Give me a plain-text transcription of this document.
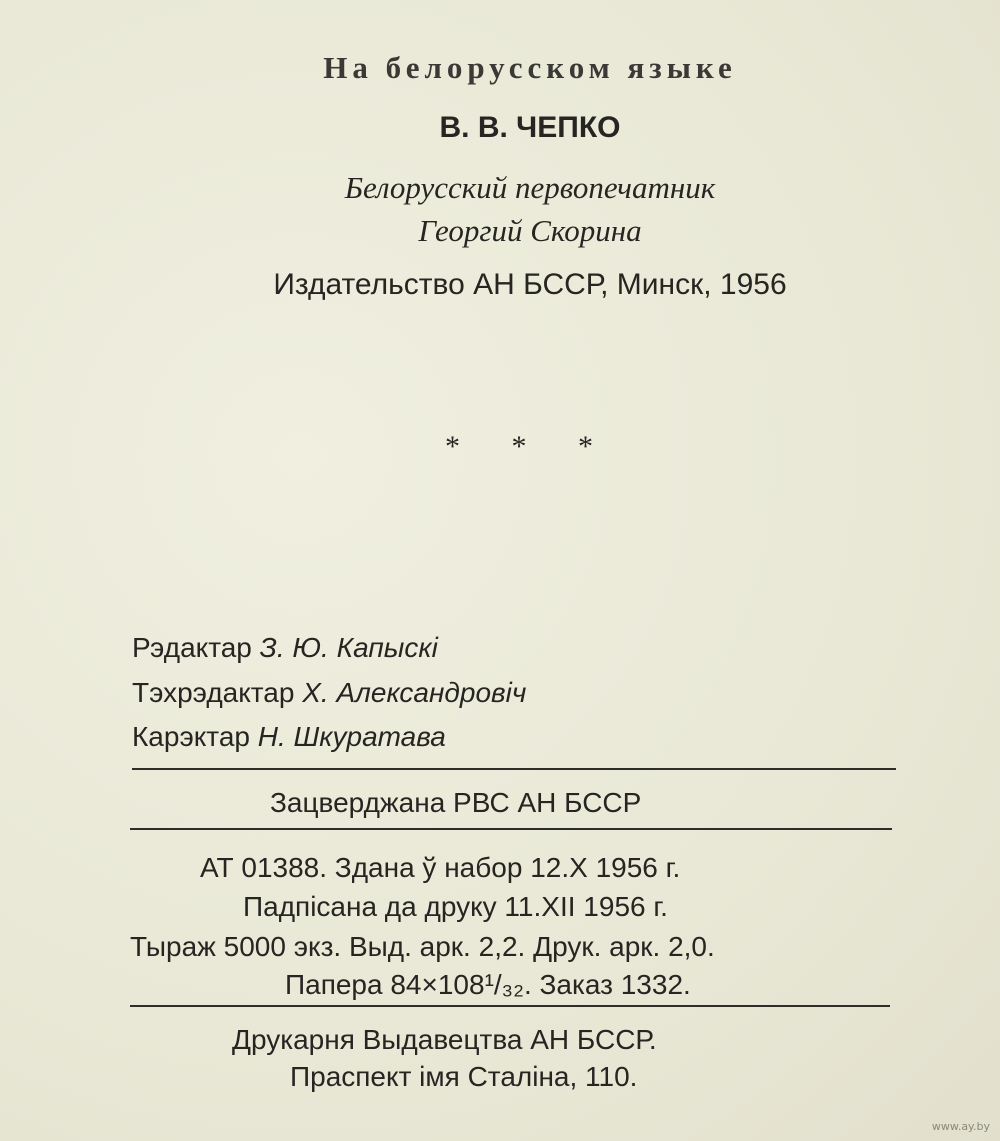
На белорусском языке
В. В. ЧЕПКО
Белорусский первопечатник
Георгий Скорина
Издательство АН БССР, Минск, 1956
* * *
Рэдактар З. Ю. Капыскі
Тэхрэдактар Х. Александровіч
Карэктар Н. Шкуратава
Зацверджана РВС АН БССР
АТ 01388. Здана ў набор 12.X 1956 г.
Падпісана да друку 11.XII 1956 г.
Тыраж 5000 экз. Выд. арк. 2,2. Друк. арк. 2,0.
Папера 84×108¹/₃₂. Заказ 1332.
Друкарня Выдавецтва АН БССР.
Праспект імя Сталіна, 110.
www.ay.by
